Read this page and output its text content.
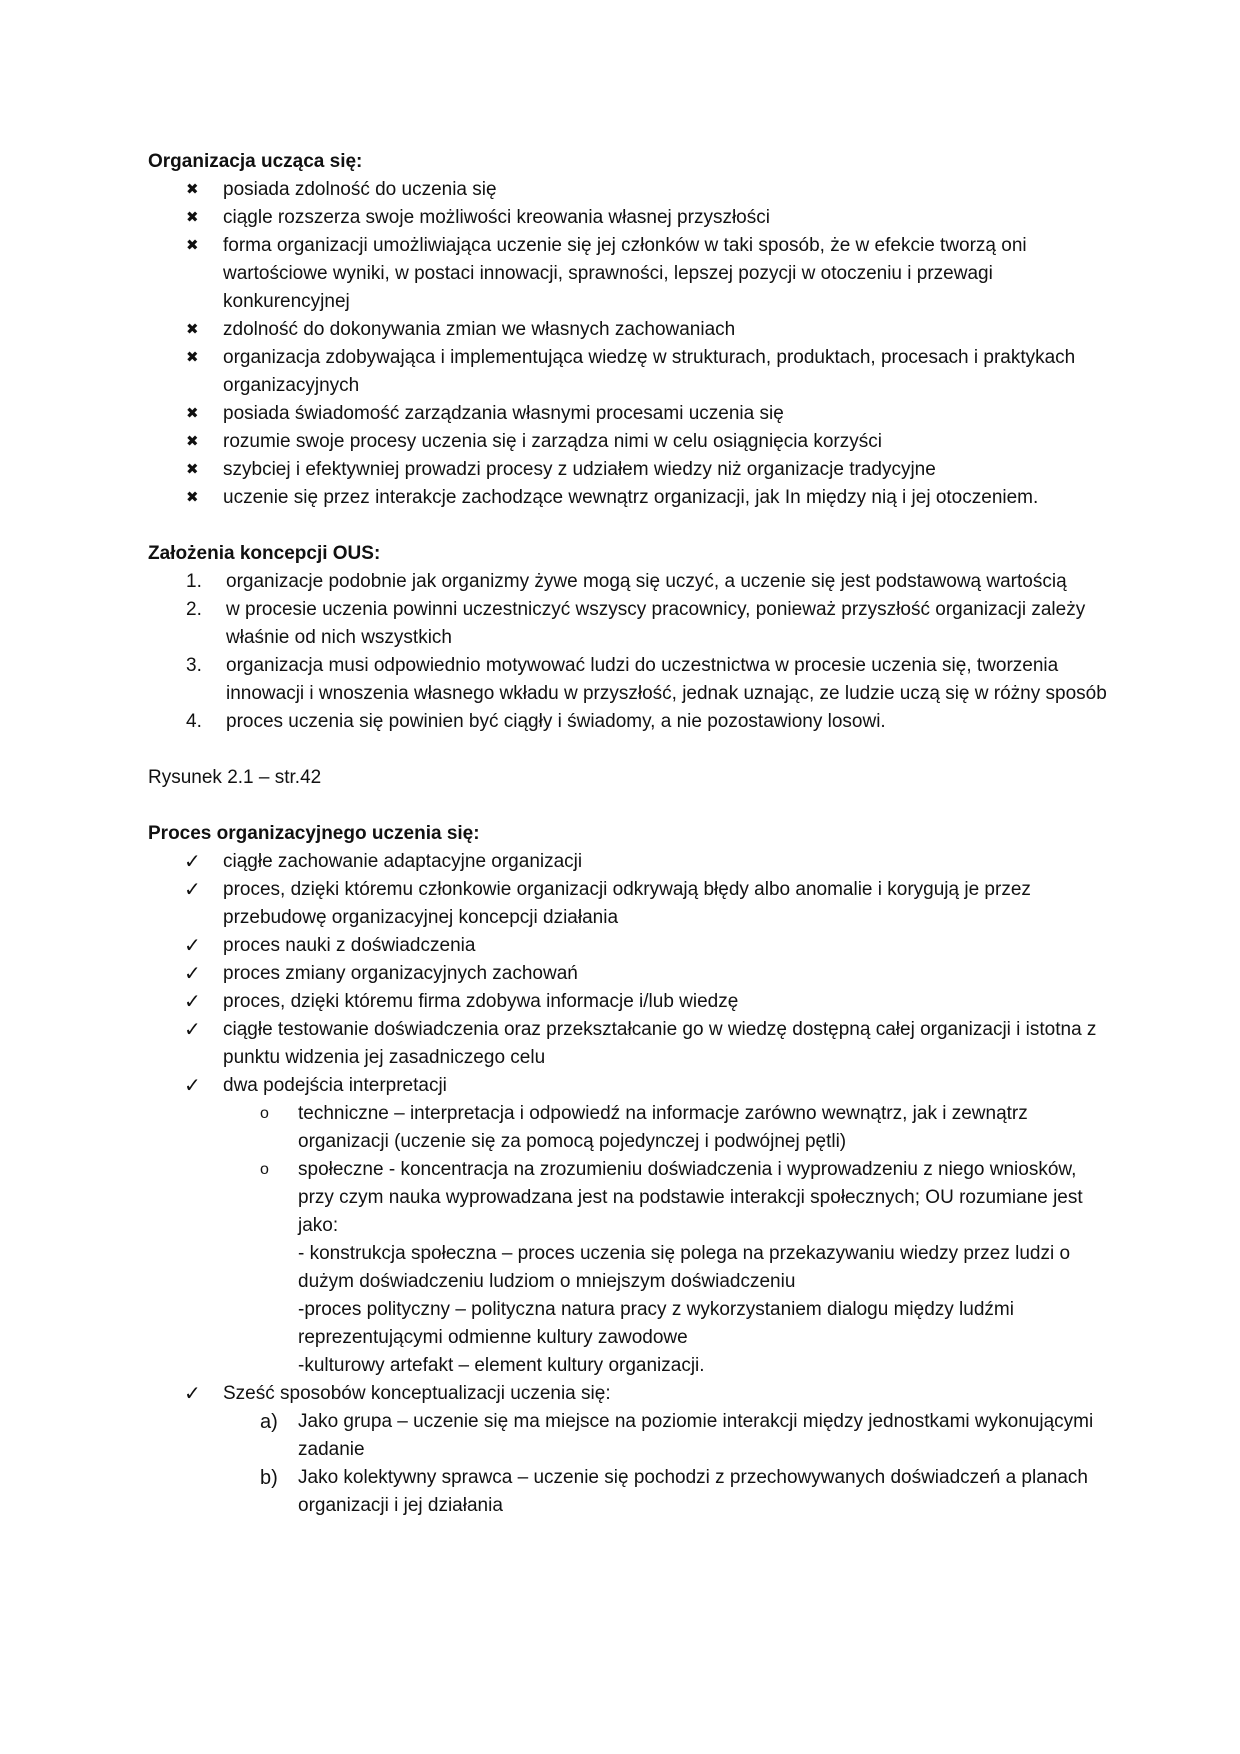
Organizacja ucząca się:

✖ posiada zdolność do uczenia się
✖ ciągle rozszerza swoje możliwości kreowania własnej przyszłości
✖ forma organizacji umożliwiająca uczenie się jej członków w taki sposób, że w efekcie tworzą oni wartościowe wyniki, w postaci innowacji, sprawności, lepszej pozycji w otoczeniu i przewagi konkurencyjnej
✖ zdolność do dokonywania zmian we własnych zachowaniach
✖ organizacja zdobywająca i implementująca wiedzę w strukturach, produktach, procesach i praktykach organizacyjnych
✖ posiada świadomość zarządzania własnymi procesami uczenia się
✖ rozumie swoje procesy uczenia się i zarządza nimi w celu osiągnięcia korzyści
✖ szybciej i efektywniej prowadzi procesy z udziałem wiedzy niż organizacje tradycyjne
✖ uczenie się przez interakcje zachodzące wewnątrz organizacji, jak In między nią i jej otoczeniem.

Założenia koncepcji OUS:

1. organizacje podobnie jak organizmy żywe mogą się uczyć, a uczenie się jest podstawową wartością
2. w procesie uczenia powinni uczestniczyć wszyscy pracownicy, ponieważ przyszłość organizacji zależy właśnie od nich wszystkich
3. organizacja musi odpowiednio motywować ludzi do uczestnictwa w procesie uczenia się, tworzenia innowacji i wnoszenia własnego wkładu w przyszłość, jednak uznając, ze ludzie uczą się w różny sposób
4. proces uczenia się powinien być ciągły i świadomy, a nie pozostawiony losowi.

Rysunek 2.1 – str.42

Proces organizacyjnego uczenia się:

✓ ciągłe zachowanie adaptacyjne organizacji
✓ proces, dzięki któremu członkowie organizacji odkrywają błędy albo anomalie i korygują je przez przebudowę organizacyjnej koncepcji działania
✓ proces nauki z doświadczenia
✓ proces zmiany organizacyjnych zachowań
✓ proces, dzięki któremu firma zdobywa informacje i/lub wiedzę
✓ ciągłe testowanie doświadczenia oraz przekształcanie go w wiedzę dostępną całej organizacji i istotna z punktu widzenia jej zasadniczego celu
✓ dwa podejścia interpretacji
o techniczne – interpretacja i odpowiedź na informacje zarówno wewnątrz, jak i zewnątrz organizacji (uczenie się za pomocą pojedynczej i podwójnej pętli)
o społeczne - koncentracja na zrozumieniu doświadczenia i wyprowadzeniu z niego wniosków, przy czym nauka wyprowadzana jest na podstawie interakcji społecznych; OU rozumiane jest jako:
- konstrukcja społeczna – proces uczenia się polega na przekazywaniu wiedzy przez ludzi o dużym doświadczeniu ludziom o mniejszym doświadczeniu
-proces polityczny – polityczna natura pracy z wykorzystaniem dialogu między ludźmi reprezentującymi odmienne kultury zawodowe
-kulturowy artefakt – element kultury organizacji.
✓ Sześć sposobów konceptualizacji uczenia się:
a) Jako grupa – uczenie się ma miejsce na poziomie interakcji między jednostkami wykonującymi zadanie
b) Jako kolektywny sprawca – uczenie się pochodzi z przechowywanych doświadczeń a planach organizacji i jej działania
